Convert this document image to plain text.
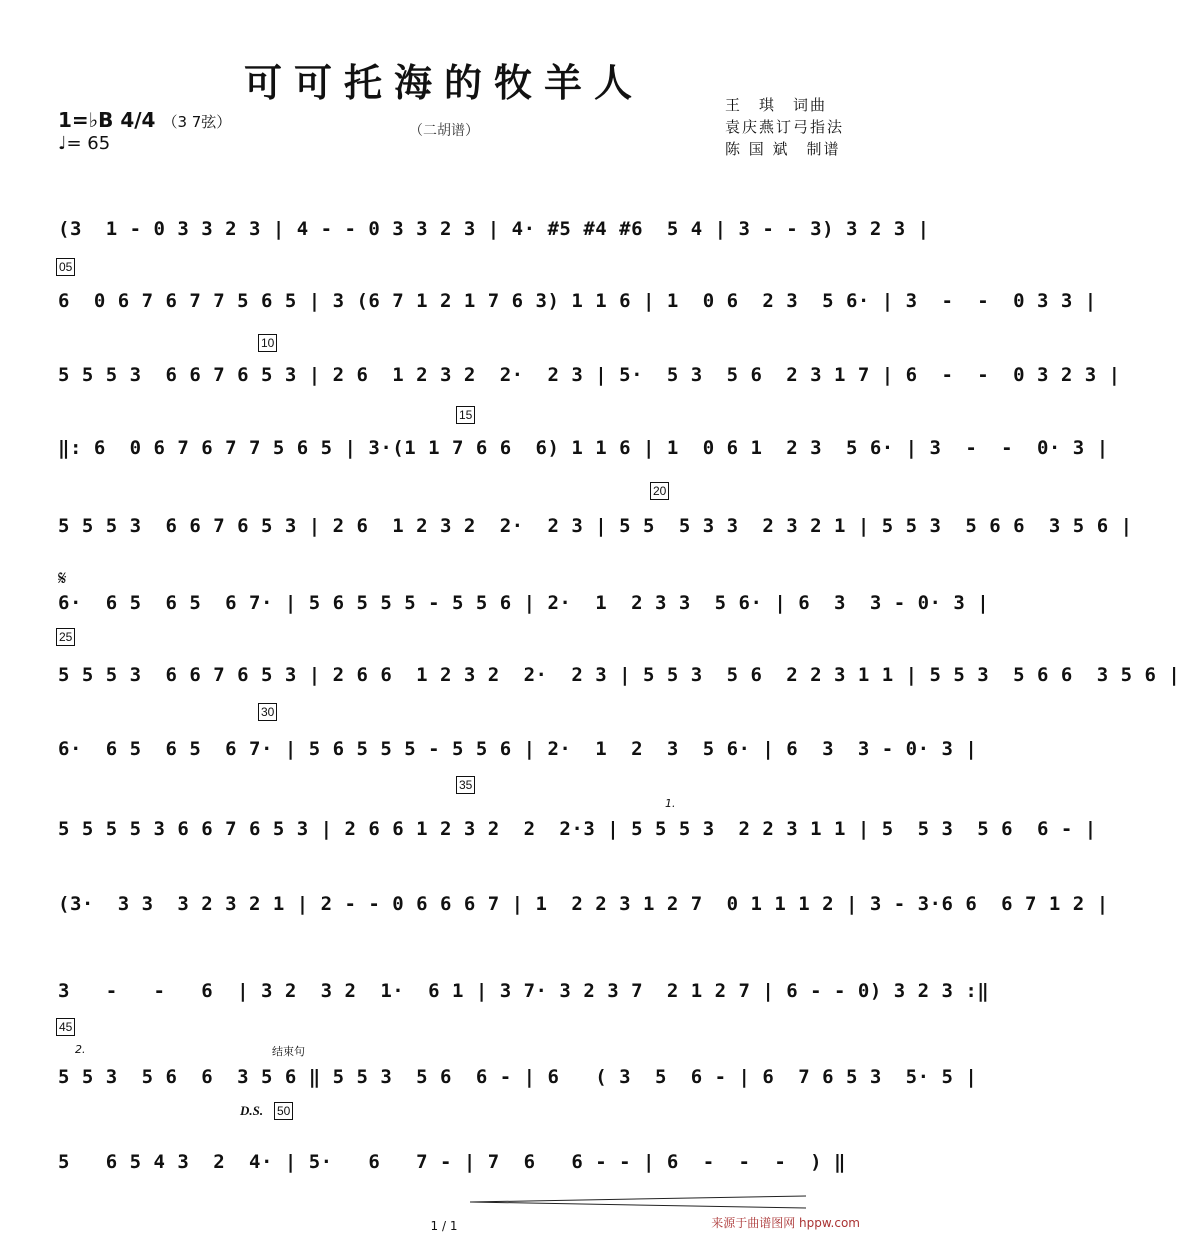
可可托海的牧羊人
（二胡谱）
1=♭B 4/4 （3 7弦）
♩= 65
王　琪　词曲
袁庆燕订弓指法
陈 国 斌　制谱
(3  1 - 0 3 3 2 3 | 4 - - 0 3 3 2 3 | 4· #5 #4 #6  5 4 | 3 - - 3) 3 2 3 |
05
6  0 6 7 6 7 7 5 6 5 | 3 (6 7 1 2 1 7 6 3) 1 1 6 | 1  0 6  2 3  5 6· | 3  -  -  0 3 3 |
10
5 5 5 3  6 6 7 6 5 3 | 2 6  1 2 3 2  2·  2 3 | 5·  5 3  5 6  2 3 1 7 | 6  -  -  0 3 2 3 |
15
‖: 6  0 6 7 6 7 7 5 6 5 | 3·(1 1 7 6 6  6) 1 1 6 | 1  0 6 1  2 3  5 6· | 3  -  -  0· 3 |
20
5 5 5 3  6 6 7 6 5 3 | 2 6  1 2 3 2  2·  2 3 | 5 5  5 3 3  2 3 2 1 | 5 5 3  5 6 6  3 5 6 |
𝄋
6·  6 5  6 5  6 7· | 5 6 5 5 5 - 5 5 6 | 2·  1  2 3 3  5 6· | 6  3  3 - 0· 3 |
25
5 5 5 3  6 6 7 6 5 3 | 2 6 6  1 2 3 2  2·  2 3 | 5 5 3  5 6  2 2 3 1 1 | 5 5 3  5 6 6  3 5 6 |
30
6·  6 5  6 5  6 7· | 5 6 5 5 5 - 5 5 6 | 2·  1  2  3  5 6· | 6  3  3 - 0· 3 |
35
1.
5 5 5 5 3 6 6 7 6 5 3 | 2 6 6 1 2 3 2  2  2·3 | 5 5 5 3  2 2 3 1 1 | 5  5 3  5 6  6 - |
(3·  3 3  3 2 3 2 1 | 2 - - 0 6 6 6 7 | 1  2 2 3 1 2 7  0 1 1 1 2 | 3 - 3·6 6  6 7 1 2 |
3   -   -   6  | 3 2  3 2  1·  6 1 | 3 7· 3 2 3 7  2 1 2 7 | 6 - - 0) 3 2 3 :‖
45
2.	结束句
5 5 3  5 6  6  3 5 6 ‖ 5 5 3  5 6  6 - | 6   ( 3  5  6 - | 6  7 6 5 3  5· 5 |
D.S. 50
5   6 5 4 3  2  4· | 5·   6   7 - | 7  6   6 - - | 6  -  -  -  ) ‖
1 / 1	来源于曲谱图网 hppw.com
